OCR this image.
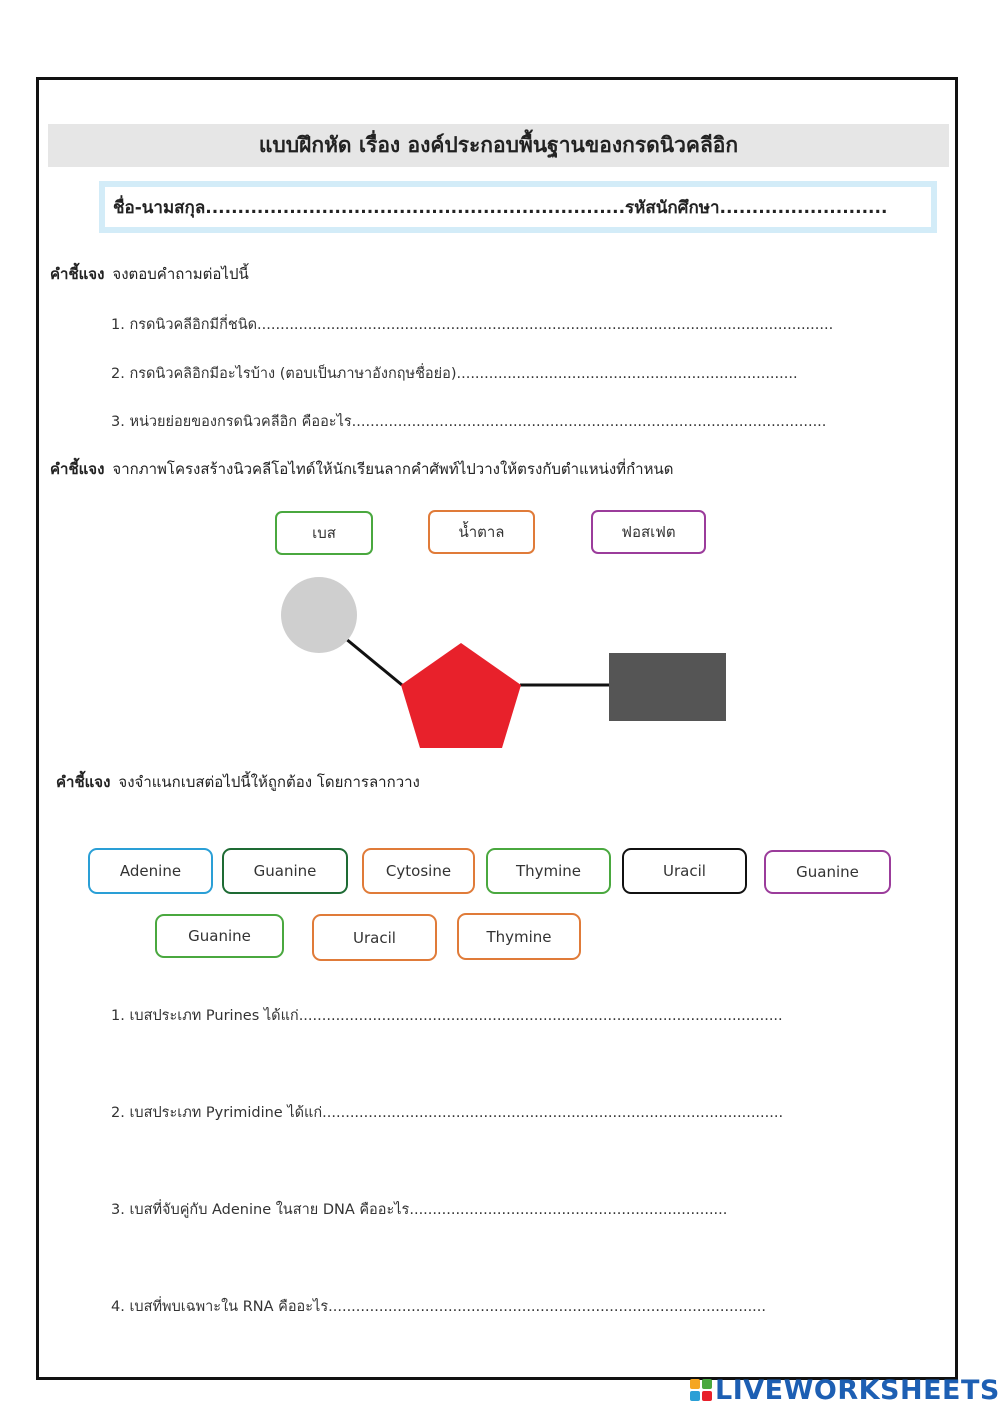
แบบฝึกหัด เรื่อง องค์ประกอบพื้นฐานของกรดนิวคลีอิก
ชื่อ-นามสกุล.................................................................รหัสนักศึกษา..........................
คำชี้แจง จงตอบคำถามต่อไปนี้
1. กรดนิวคลีอิกมีกี่ชนิด.............................................................................................................................
2. กรดนิวคลิอิกมีอะไรบ้าง (ตอบเป็นภาษาอังกฤษชื่อย่อ)..........................................................................
3. หน่วยย่อยของกรดนิวคลีอิก คืออะไร.......................................................................................................
คำชี้แจง จากภาพโครงสร้างนิวคลีโอไทด์ให้นักเรียนลากคำศัพท์ไปวางให้ตรงกับตำแหน่งที่กำหนด
เบส	น้ำตาล	ฟอสเฟต
คำชี้แจง จงจำแนกเบสต่อไปนี้ให้ถูกต้อง โดยการลากวาง
Adenine	Guanine	Cytosine	Thymine	Uracil	Guanine
Guanine	Uracil	Thymine
1. เบสประเภท Purines ได้แก่.........................................................................................................
2. เบสประเภท Pyrimidine ได้แก่....................................................................................................
3. เบสที่จับคู่กับ Adenine ในสาย DNA คืออะไร.....................................................................
4. เบสที่พบเฉพาะใน RNA คืออะไร...............................................................................................
LIVEWORKSHEETS
